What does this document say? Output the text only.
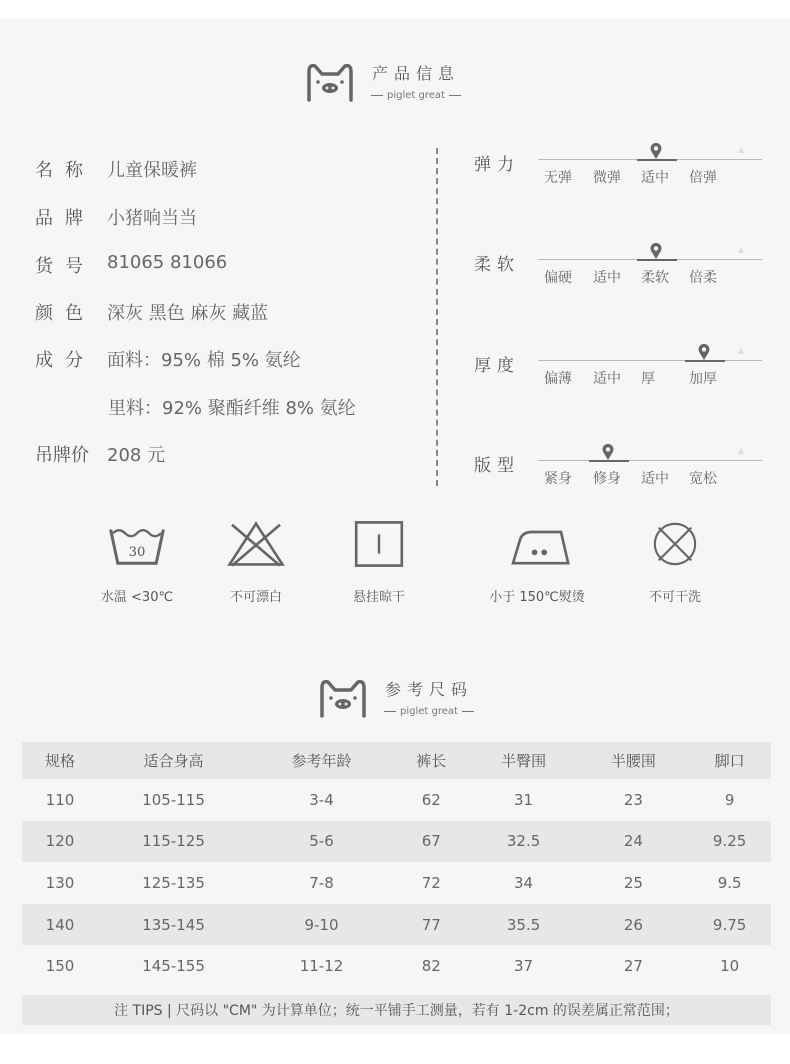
产品信息
piglet great
名称 儿童保暖裤
品牌 小猪响当当
货号 81065 81066
颜色 深灰 黑色 麻灰 藏蓝
成分 面料：95% 棉 5% 氨纶
里料：92% 聚酯纤维 8% 氨纶
吊牌价	208 元
弹力
▲
无弹 微弹 适中 倍弹
柔软
▲
偏硬 适中 柔软 倍柔
厚度
▲
偏薄 适中 厚 加厚
版型
▲
紧身 修身 适中 宽松
30
水温 <30℃	不可漂白	悬挂晾干	小于 150℃熨烫	不可干洗
参考尺码
piglet great
规格	适合身高	参考年龄	裤长	半臀围	半腰围	脚口
110	105-115	3-4	62	31	23	9
120	115-125	5-6	67	32.5	24	9.25
130	125-135	7-8	72	34	25	9.5
140	135-145	9-10	77	35.5	26	9.75
150	145-155	11-12	82	37	27	10
注 TIPS | 尺码以 "CM" 为计算单位；统一平铺手工测量，若有 1-2cm 的误差属正常范围；
